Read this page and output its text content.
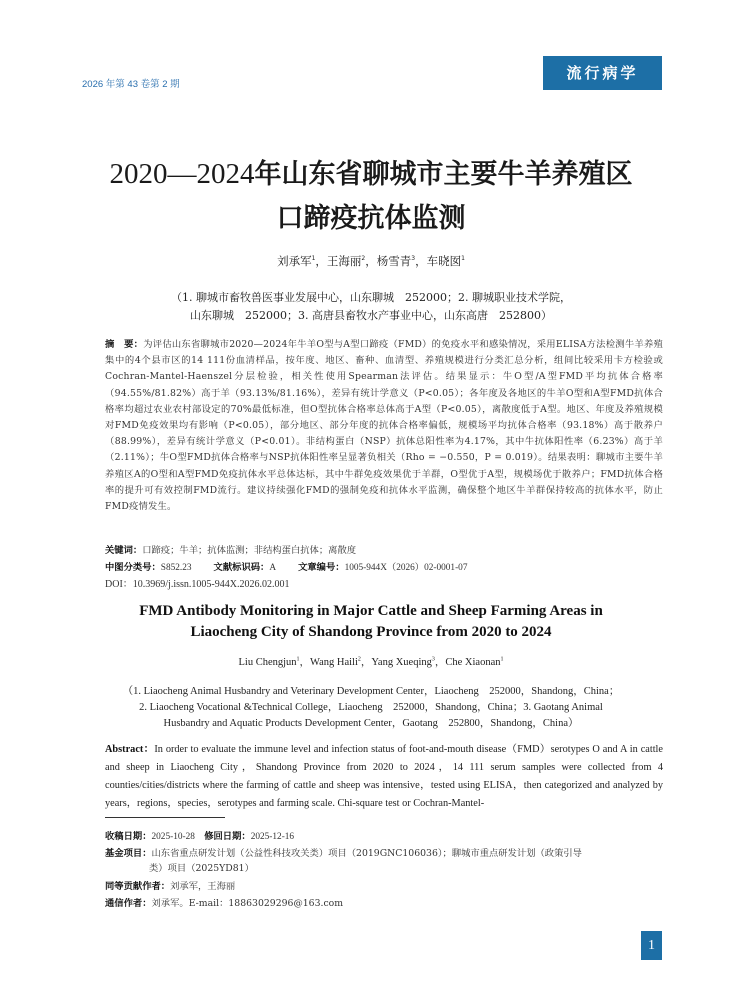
2026 年第 43 卷第 2 期
流行病学
2020—2024年山东省聊城市主要牛羊养殖区
口蹄疫抗体监测
刘承军$^1$，王海丽$^2$，杨雪青$^3$，车晓囡$^1$
（1. 聊城市畜牧兽医事业发展中心，山东聊城　252000；2. 聊城职业技术学院，
山东聊城　252000；3. 高唐县畜牧水产事业中心，山东高唐　252800）
摘　要：为评估山东省聊城市2020—2024年牛羊O型与A型口蹄疫（FMD）的免疫水平和感染情况，采用ELISA方法检测牛羊养殖集中的4个县市区的14 111份血清样品，按年度、地区、畜种、血清型、养殖规模进行分类汇总分析，组间比较采用卡方检验或Cochran-Mantel-Haenszel分层检验，相关性使用Spearman法评估。结果显示：牛O型/A型FMD平均抗体合格率（94.55%/81.82%）高于羊（93.13%/81.16%），差异有统计学意义（P<0.05）；各年度及各地区的牛羊O型和A型FMD抗体合格率均超过农业农村部设定的70%最低标准，但O型抗体合格率总体高于A型（P<0.05），离散度低于A型。地区、年度及养殖规模对FMD免疫效果均有影响（P<0.05），部分地区、部分年度的抗体合格率偏低，规模场平均抗体合格率（93.18%）高于散养户（88.99%），差异有统计学意义（P<0.01）。非结构蛋白（NSP）抗体总阳性率为4.17%，其中牛抗体阳性率（6.23%）高于羊（2.11%）；牛O型FMD抗体合格率与NSP抗体阳性率呈显著负相关（Rho = −0.550，P = 0.019）。结果表明：聊城市主要牛羊养殖区A的O型和A型FMD免疫抗体水平总体达标，其中牛群免疫效果优于羊群，O型优于A型，规模场优于散养户；FMD抗体合格率的提升可有效控制FMD流行。建议持续强化FMD的强制免疫和抗体水平监测，确保整个地区牛羊群保持较高的抗体水平，防止FMD疫情发生。
关键词：口蹄疫；牛羊；抗体监测；非结构蛋白抗体；离散度
中图分类号：S852.23 文献标识码：A 文章编号：1005-944X（2026）02-0001-07
DOI：10.3969/j.issn.1005-944X.2026.02.001
FMD Antibody Monitoring in Major Cattle and Sheep Farming Areas in
Liaocheng City of Shandong Province from 2020 to 2024
Liu Chengjun$^1$，Wang Haili$^2$，Yang Xueqing$^3$，Che Xiaonan$^1$
（1. Liaocheng Animal Husbandry and Veterinary Development Center，Liaocheng　252000，Shandong，China；
2. Liaocheng Vocational &Technical College，Liaocheng　252000，Shandong，China；3. Gaotang Animal
Husbandry and Aquatic Products Development Center，Gaotang　252800，Shandong，China）
Abstract：In order to evaluate the immune level and infection status of foot-and-mouth disease（FMD）serotypes O and A in cattle and sheep in Liaocheng City，Shandong Province from 2020 to 2024，14 111 serum samples were collected from 4 counties/cities/districts where the farming of cattle and sheep was intensive，tested using ELISA，then categorized and analyzed by years，regions，species，serotypes and farming scale. Chi-square test or Cochran-Mantel-
收稿日期：2025-10-28　 修回日期：2025-12-16
基金项目：山东省重点研发计划（公益性科技攻关类）项目（2019GNC106036）；聊城市重点研发计划（政策引导
类）项目（2025YD81）
同等贡献作者：刘承军，王海丽
通信作者：刘承军。E-mail：18863029296@163.com
1
